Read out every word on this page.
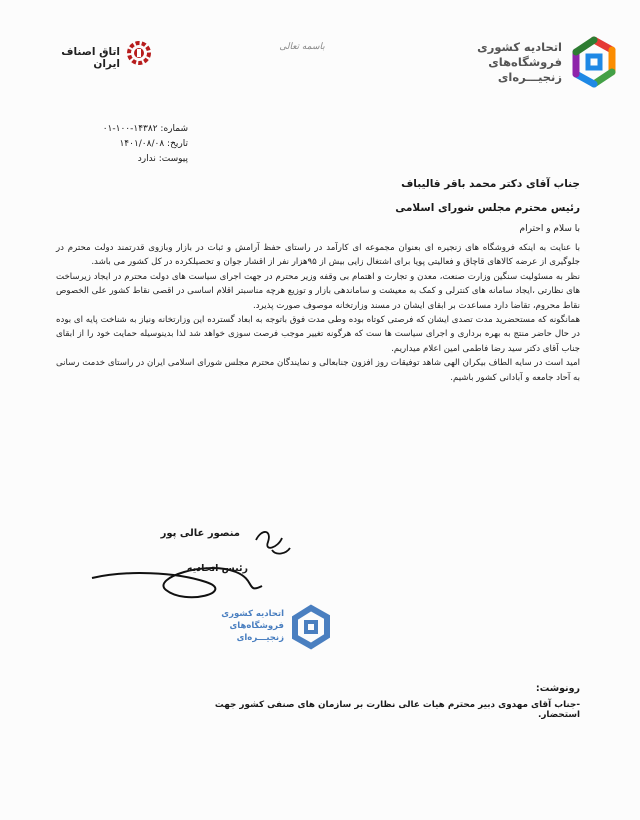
اتحادیه کشوری
فروشگاه‌های
زنجیـــره‌ای
باسمه تعالی
اتاق اصناف ایران
شماره: ۱۴۳۸۲-۱۰۰-۰۱
تاریخ: ۱۴۰۱/۰۸/۰۸
پیوست: ندارد
جناب آقای دکتر محمد باقر قالیباف
رئیس محترم مجلس شورای اسلامی
با سلام و احترام

با عنایت به اینکه فروشگاه های زنجیره ای بعنوان مجموعه ای کارآمد در راستای حفظ آرامش و ثبات در بازار وبازوی قدرتمند دولت محترم در جلوگیری از عرضه کالاهای قاچاق و فعالیتی پویا برای اشتغال زایی بیش از ۹۵هزار نفر از اقشار جوان و تحصیلکرده در کل کشور می باشد.

نظر به مسئولیت سنگین وزارت صنعت، معدن و تجارت و اهتمام بی وقفه وزیر محترم در جهت اجرای سیاست های دولت محترم در ایجاد زیرساخت های نظارتی ،ایجاد سامانه های کنترلی و کمک به معیشت و ساماندهی بازار و توزیع هرچه مناسبتر اقلام اساسی در اقصی نقاط کشور علی الخصوص نقاط محروم، تقاضا دارد مساعدت بر ابقای ایشان در مسند وزارتخانه موصوف صورت پذیرد.

همانگونه که مستحضرید مدت تصدی ایشان که فرصتی کوتاه بوده وطی مدت فوق باتوجه به ابعاد گسترده این وزارتخانه ونیاز به شناخت پایه ای بوده در حال حاضر منتج به بهره برداری و اجرای سیاست ها ست که هرگونه تغییر موجب فرصت سوزی خواهد شد لذا بدینوسیله حمایت خود را از ابقای جناب آقای دکتر سید رضا فاطمی امین اعلام میداریم.

امید است در سایه الطاف بیکران الهی شاهد توفیقات روز افزون جنابعالی و نمایندگان محترم مجلس شورای اسلامی ایران در راستای خدمت رسانی به آحاد جامعه و آبادانی کشور باشیم.

منصور عالی پور
رئیس اتحادیه
اتحادیه کشوری
فروشگاه‌های
زنجیـــره‌ای
رونوشت:
-جناب آقای مهدوی دبیر محترم هیات عالی نظارت بر سازمان های صنفی کشور جهت استحضار.
